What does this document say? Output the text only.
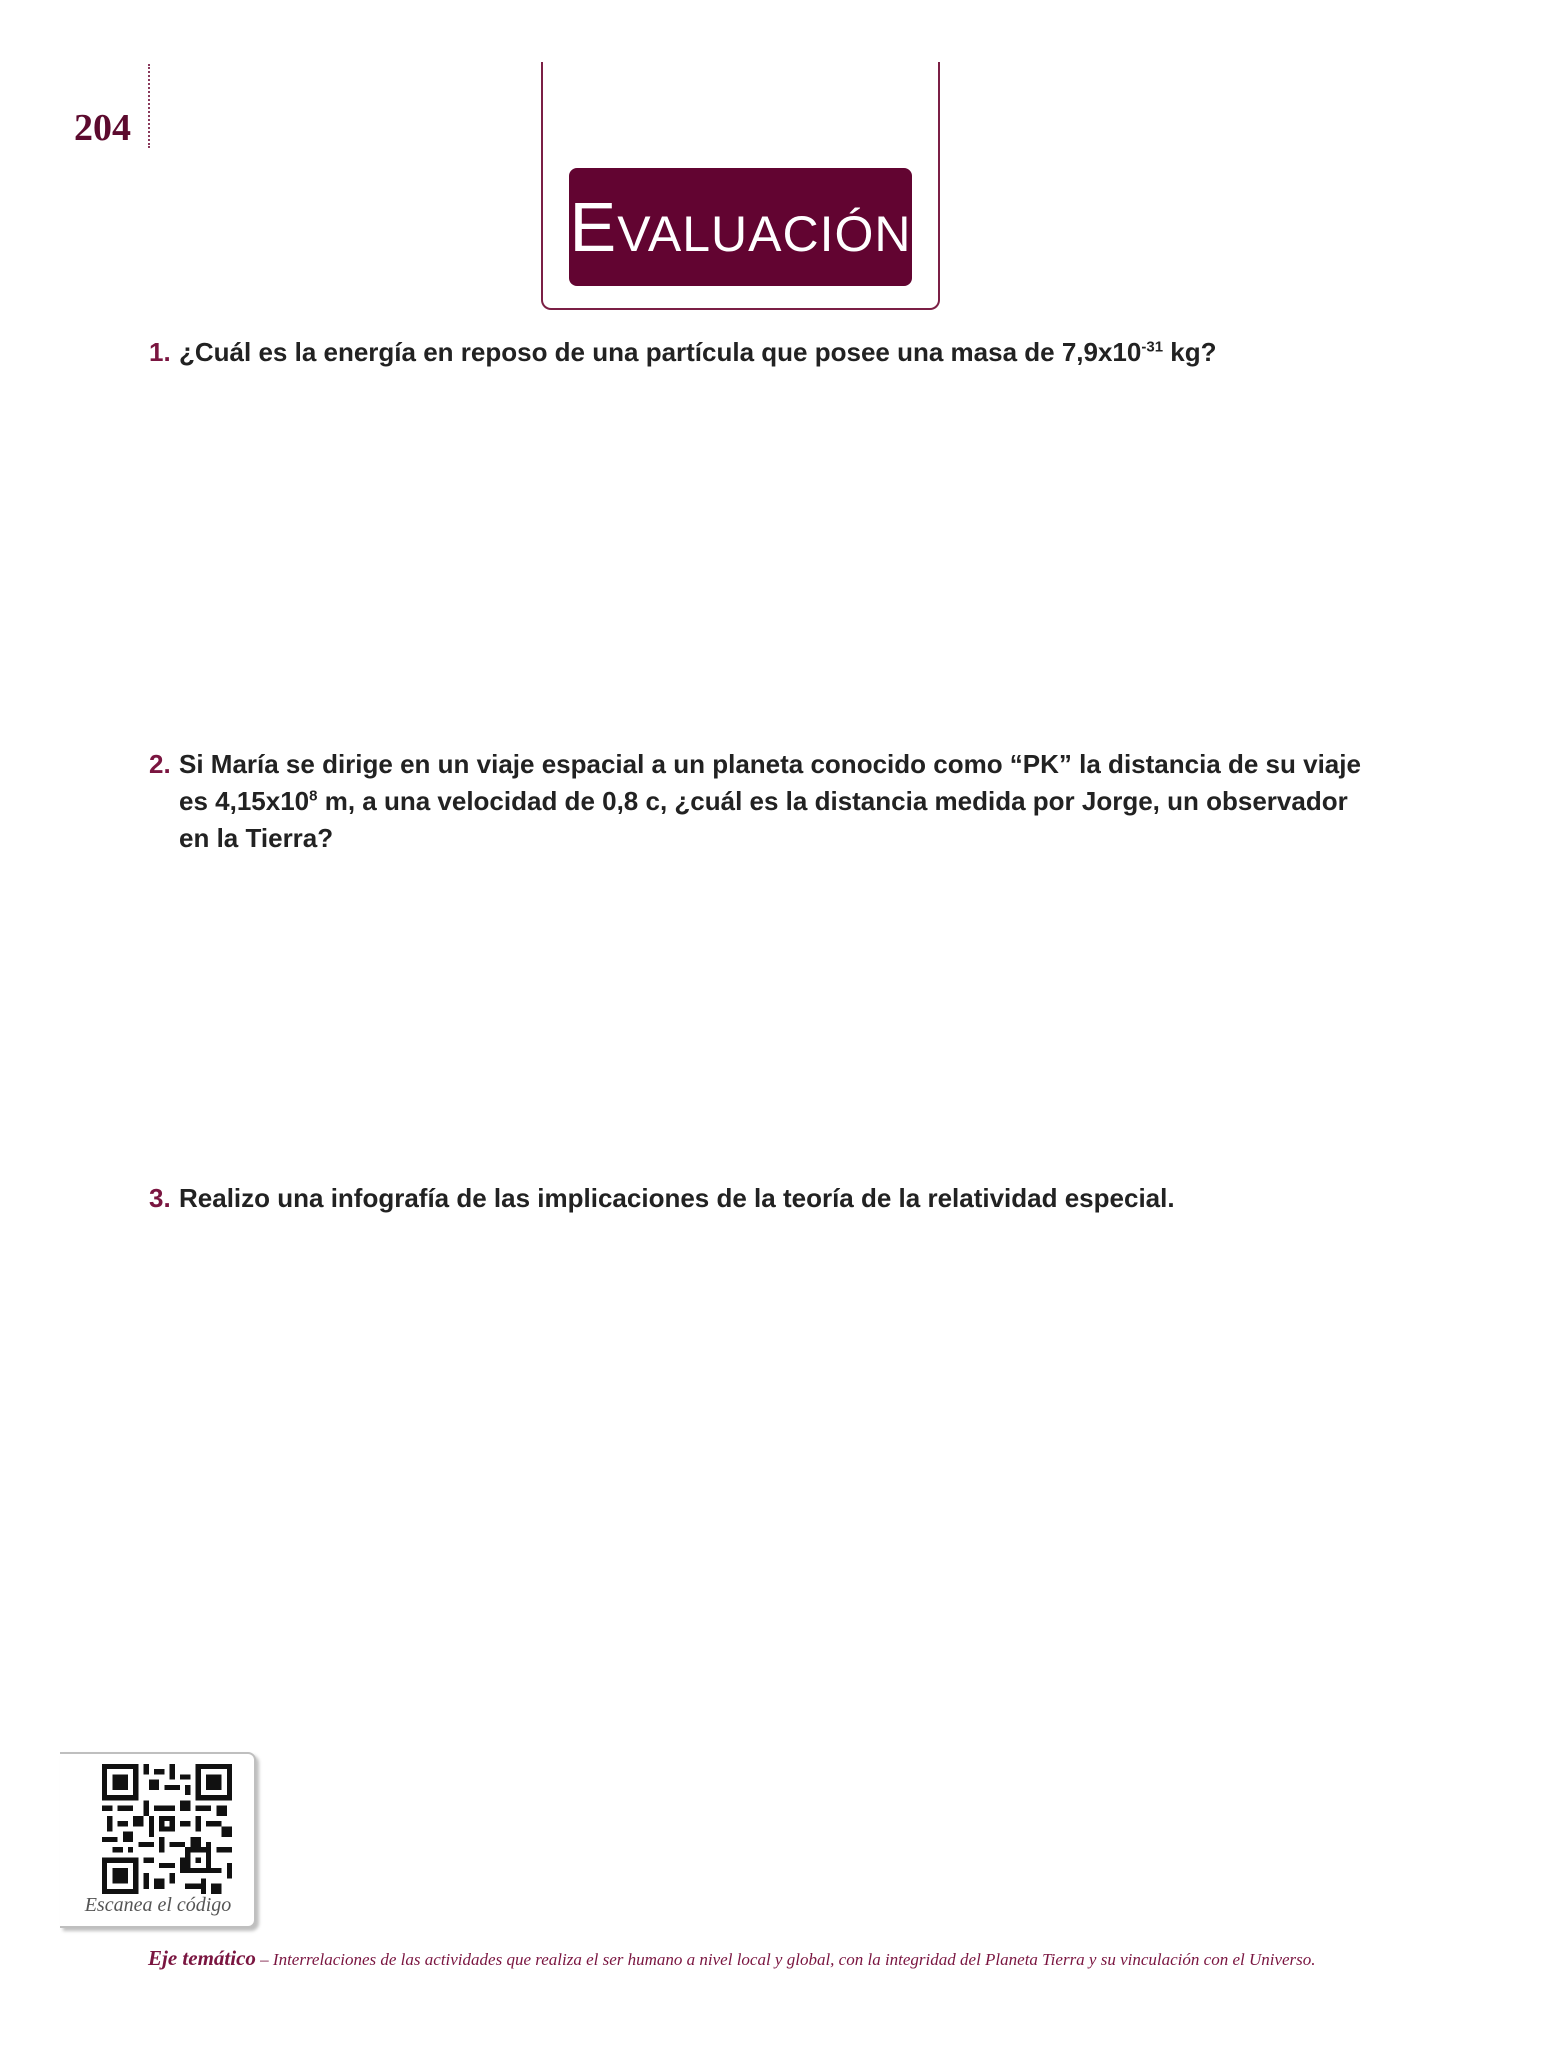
204
EVALUACIÓN
1. ¿Cuál es la energía en reposo de una partícula que posee una masa de $7,9x10^{-31}$ kg?
2. Si María se dirige en un viaje espacial a un planeta conocido como “PK” la distancia de su viaje
es $4,15x10^8$ m, a una velocidad de 0,8 c, ¿cuál es la distancia medida por Jorge, un observador
en la Tierra?
3. Realizo una infografía de las implicaciones de la teoría de la relatividad especial.
Escanea el código
Eje temático – Interrelaciones de las actividades que realiza el ser humano a nivel local y global, con la integridad del Planeta Tierra y su vinculación con el Universo.
